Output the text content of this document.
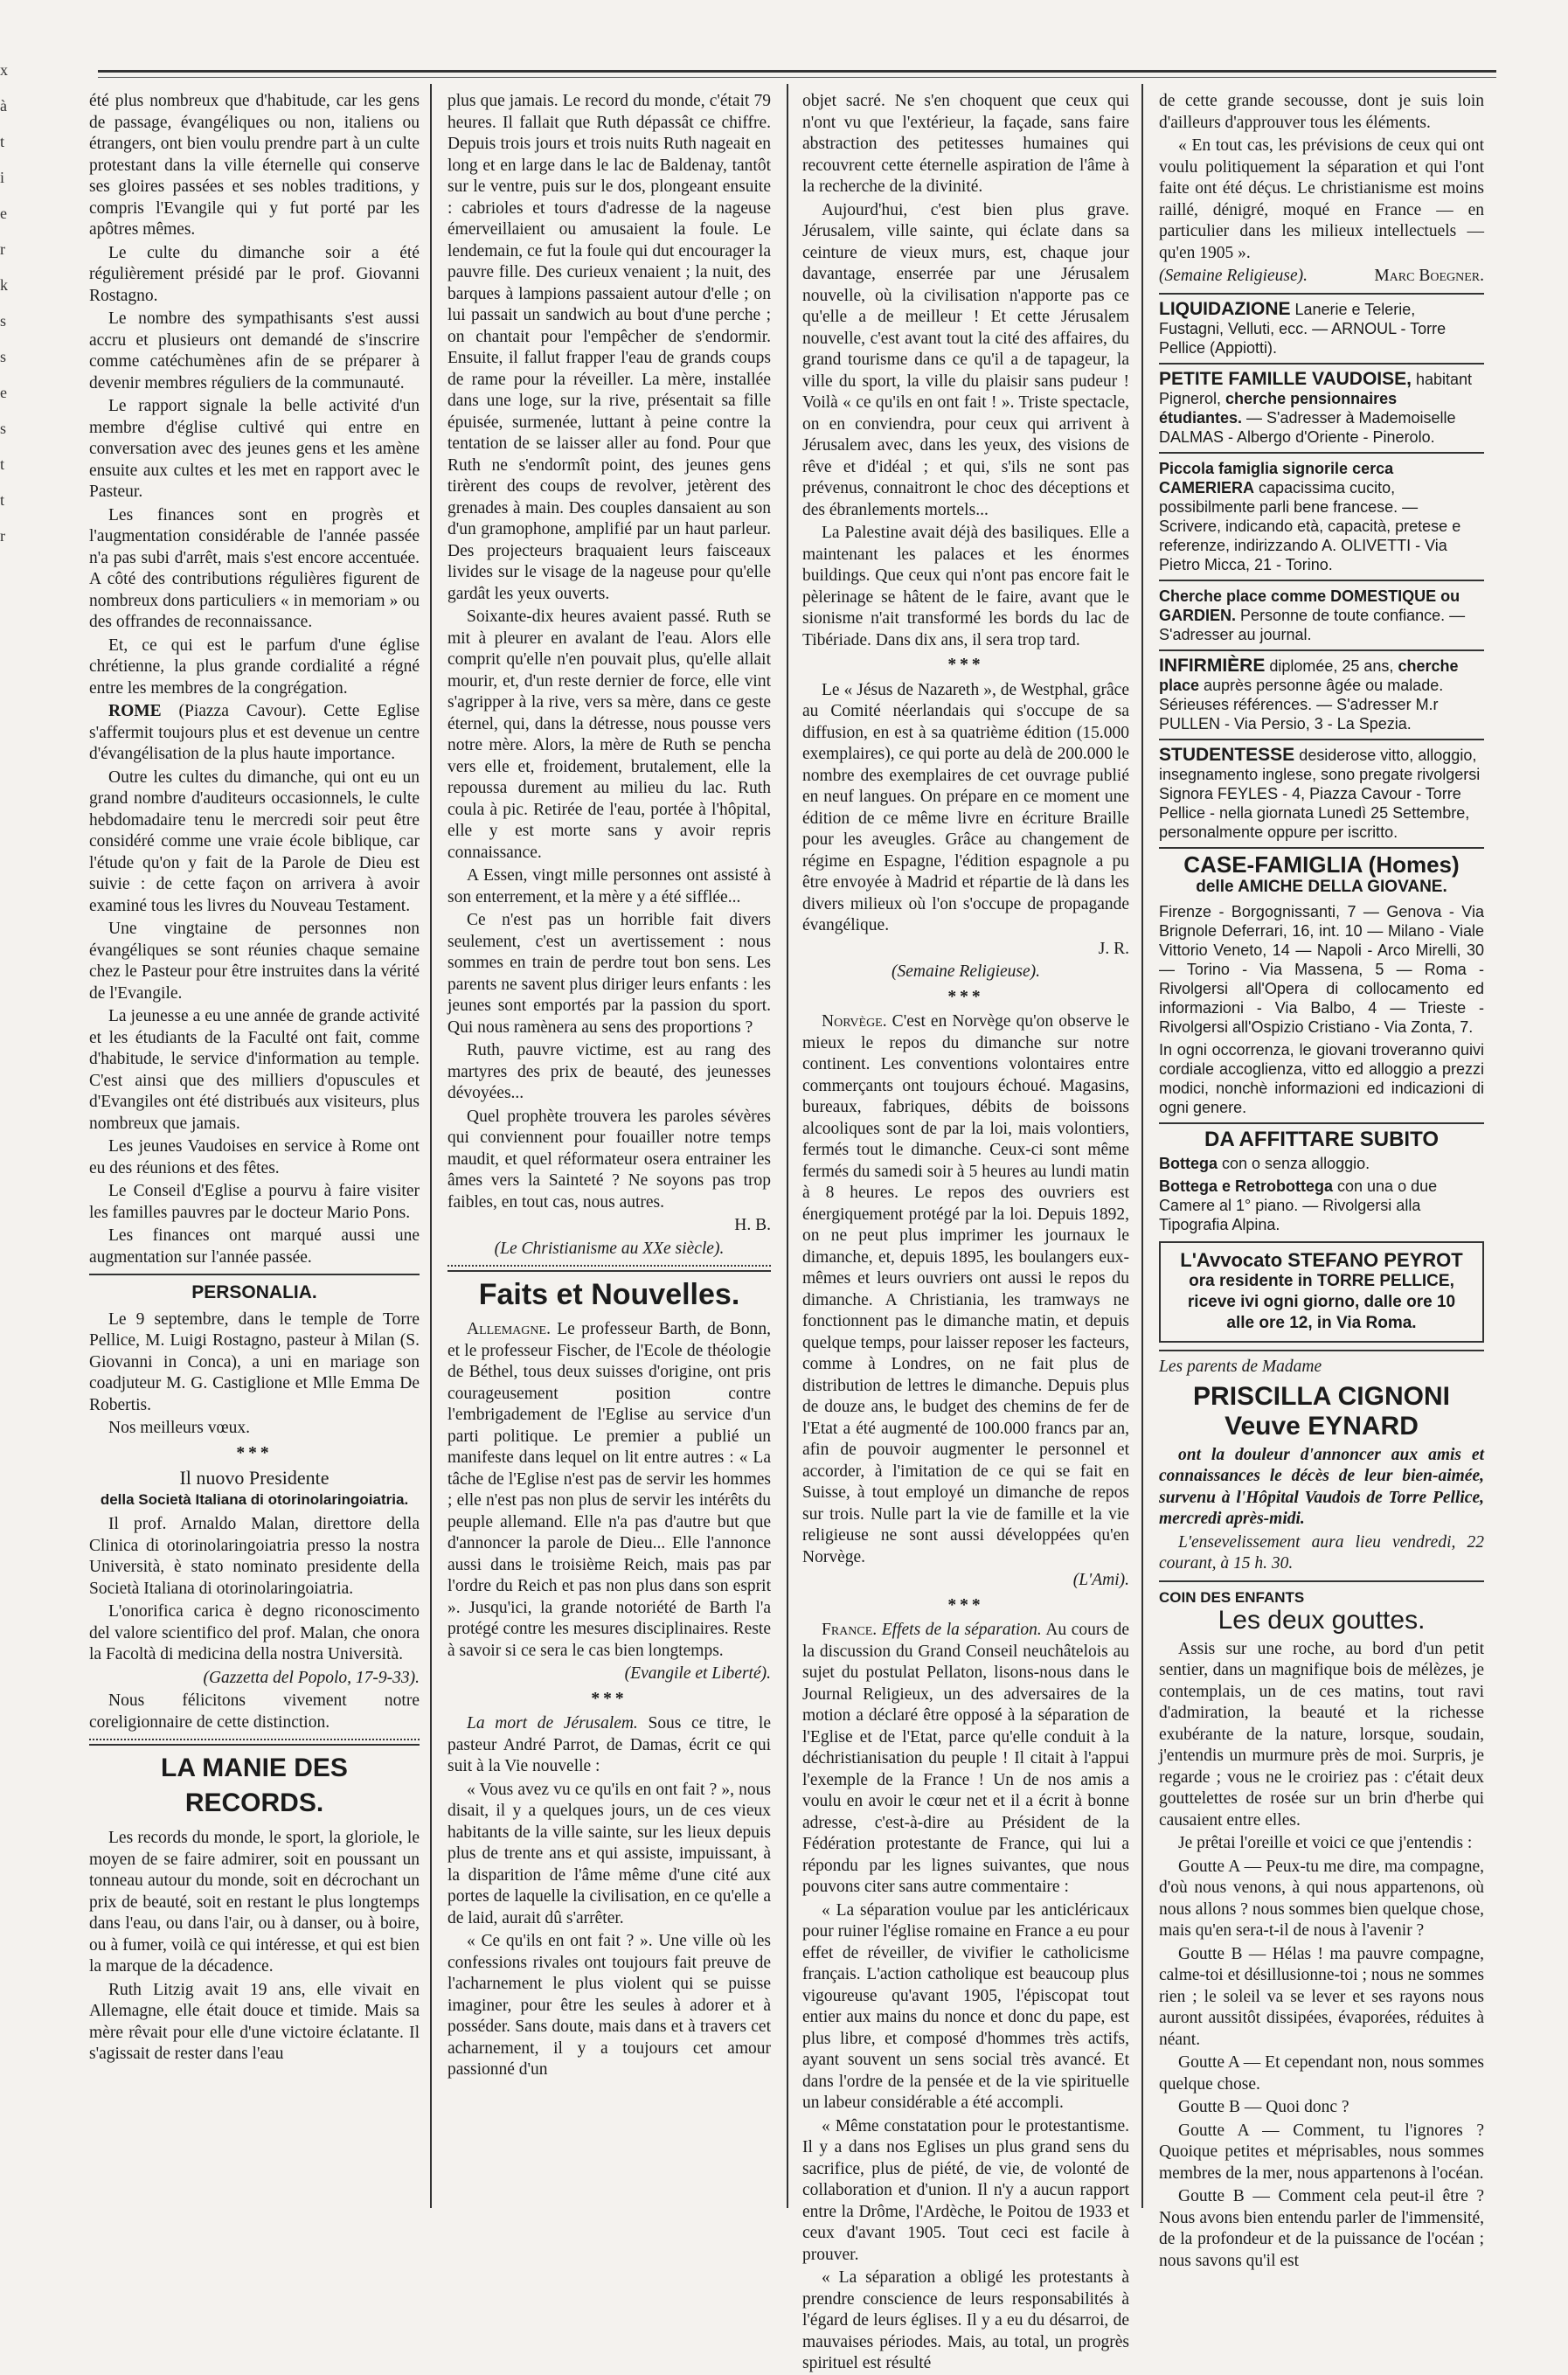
x
à
t
i
e
r
k
s
s
e
s
t
t
r

été plus nombreux que d'habitude, car les gens de passage, évangéliques ou non, italiens ou étrangers, ont bien voulu prendre part à un culte protestant dans la ville éternelle qui conserve ses gloires passées et ses nobles traditions, y compris l'Evangile qui y fut porté par les apôtres mêmes.

Le culte du dimanche soir a été régulièrement présidé par le prof. Giovanni Rostagno.

Le nombre des sympathisants s'est aussi accru et plusieurs ont demandé de s'inscrire comme catéchumènes afin de se préparer à devenir membres réguliers de la communauté.

Le rapport signale la belle activité d'un membre d'église cultivé qui entre en conversation avec des jeunes gens et les amène ensuite aux cultes et les met en rapport avec le Pasteur.

Les finances sont en progrès et l'augmentation considérable de l'année passée n'a pas subi d'arrêt, mais s'est encore accentuée. A côté des contributions régulières figurent de nombreux dons particuliers « in memoriam » ou des offrandes de reconnaissance.

Et, ce qui est le parfum d'une église chrétienne, la plus grande cordialité a régné entre les membres de la congrégation.

ROME (Piazza Cavour). Cette Eglise s'affermit toujours plus et est devenue un centre d'évangélisation de la plus haute importance.

Outre les cultes du dimanche, qui ont eu un grand nombre d'auditeurs occasionnels, le culte hebdomadaire tenu le mercredi soir peut être considéré comme une vraie école biblique, car l'étude qu'on y fait de la Parole de Dieu est suivie : de cette façon on arrivera à avoir examiné tous les livres du Nouveau Testament.

Une vingtaine de personnes non évangéliques se sont réunies chaque semaine chez le Pasteur pour être instruites dans la vérité de l'Evangile.

La jeunesse a eu une année de grande activité et les étudiants de la Faculté ont fait, comme d'habitude, le service d'information au temple. C'est ainsi que des milliers d'opuscules et d'Evangiles ont été distribués aux visiteurs, plus nombreux que jamais.

Les jeunes Vaudoises en service à Rome ont eu des réunions et des fêtes.

Le Conseil d'Eglise a pourvu à faire visiter les familles pauvres par le docteur Mario Pons.

Les finances ont marqué aussi une augmentation sur l'année passée.

PERSONALIA.

Le 9 septembre, dans le temple de Torre Pellice, M. Luigi Rostagno, pasteur à Milan (S. Giovanni in Conca), a uni en mariage son coadjuteur M. G. Castiglione et Mlle Emma De Robertis.

Nos meilleurs vœux.

***
Il nuovo Presidente
della Società Italiana di otorinolaringoiatria.

Il prof. Arnaldo Malan, direttore della Clinica di otorinolaringoiatria presso la nostra Università, è stato nominato presidente della Società Italiana di otorinolaringoiatria.

L'onorifica carica è degno riconoscimento del valore scientifico del prof. Malan, che onora la Facoltà di medicina della nostra Università.

(Gazzetta del Popolo, 17-9-33).

Nous félicitons vivement notre coreligionnaire de cette distinction.

LA MANIE DES RECORDS.

Les records du monde, le sport, la gloriole, le moyen de se faire admirer, soit en poussant un tonneau autour du monde, soit en décrochant un prix de beauté, soit en restant le plus longtemps dans l'eau, ou dans l'air, ou à danser, ou à boire, ou à fumer, voilà ce qui intéresse, et qui est bien la marque de la décadence.

Ruth Litzig avait 19 ans, elle vivait en Allemagne, elle était douce et timide. Mais sa mère rêvait pour elle d'une victoire éclatante. Il s'agissait de rester dans l'eau

plus que jamais. Le record du monde, c'était 79 heures. Il fallait que Ruth dépassât ce chiffre. Depuis trois jours et trois nuits Ruth nageait en long et en large dans le lac de Baldenay, tantôt sur le ventre, puis sur le dos, plongeant ensuite : cabrioles et tours d'adresse de la nageuse émerveillaient ou amusaient la foule. Le lendemain, ce fut la foule qui dut encourager la pauvre fille. Des curieux venaient ; la nuit, des barques à lampions passaient autour d'elle ; on lui passait un sandwich au bout d'une perche ; on chantait pour l'empêcher de s'endormir. Ensuite, il fallut frapper l'eau de grands coups de rame pour la réveiller. La mère, installée dans une loge, sur la rive, présentait sa fille épuisée, surmenée, luttant à peine contre la tentation de se laisser aller au fond. Pour que Ruth ne s'endormît point, des jeunes gens tirèrent des coups de revolver, jetèrent des grenades à main. Des couples dansaient au son d'un gramophone, amplifié par un haut parleur. Des projecteurs braquaient leurs faisceaux livides sur le visage de la nageuse pour qu'elle gardât les yeux ouverts.

Soixante-dix heures avaient passé. Ruth se mit à pleurer en avalant de l'eau. Alors elle comprit qu'elle n'en pouvait plus, qu'elle allait mourir, et, d'un reste dernier de force, elle vint s'agripper à la rive, vers sa mère, dans ce geste éternel, qui, dans la détresse, nous pousse vers notre mère. Alors, la mère de Ruth se pencha vers elle et, froidement, brutalement, elle la repoussa durement au milieu du lac. Ruth coula à pic. Retirée de l'eau, portée à l'hôpital, elle y est morte sans y avoir repris connaissance.

A Essen, vingt mille personnes ont assisté à son enterrement, et la mère y a été sifflée...

Ce n'est pas un horrible fait divers seulement, c'est un avertissement : nous sommes en train de perdre tout bon sens. Les parents ne savent plus diriger leurs enfants : les jeunes sont emportés par la passion du sport. Qui nous ramènera au sens des proportions ?

Ruth, pauvre victime, est au rang des martyres des prix de beauté, des jeunesses dévoyées...

Quel prophète trouvera les paroles sévères qui conviennent pour fouailler notre temps maudit, et quel réformateur osera entrainer les âmes vers la Sainteté ? Ne soyons pas trop faibles, en tout cas, nous autres.

H. B.

(Le Christianisme au XXe siècle).

Faits et Nouvelles.

Allemagne. Le professeur Barth, de Bonn, et le professeur Fischer, de l'Ecole de théologie de Béthel, tous deux suisses d'origine, ont pris courageusement position contre l'embrigadement de l'Eglise au service d'un parti politique. Le premier a publié un manifeste dans lequel on lit entre autres : « La tâche de l'Eglise n'est pas de servir les hommes ; elle n'est pas non plus de servir les intérêts du peuple allemand. Elle n'a pas d'autre but que d'annoncer la parole de Dieu... Elle l'annonce aussi dans le troisième Reich, mais pas par l'ordre du Reich et pas non plus dans son esprit ». Jusqu'ici, la grande notoriété de Barth l'a protégé contre les mesures disciplinaires. Reste à savoir si ce sera le cas bien longtemps.

(Evangile et Liberté).

***

La mort de Jérusalem. Sous ce titre, le pasteur André Parrot, de Damas, écrit ce qui suit à la Vie nouvelle :

« Vous avez vu ce qu'ils en ont fait ? », nous disait, il y a quelques jours, un de ces vieux habitants de la ville sainte, sur les lieux depuis plus de trente ans et qui assiste, impuissant, à la disparition de l'âme même d'une cité aux portes de laquelle la civilisation, en ce qu'elle a de laid, aurait dû s'arrêter.

« Ce qu'ils en ont fait ? ». Une ville où les confessions rivales ont toujours fait preuve de l'acharnement le plus violent qui se puisse imaginer, pour être les seules à adorer et à posséder. Sans doute, mais dans et à travers cet acharnement, il y a toujours cet amour passionné d'un

objet sacré. Ne s'en choquent que ceux qui n'ont vu que l'extérieur, la façade, sans faire abstraction des petitesses humaines qui recouvrent cette éternelle aspiration de l'âme à la recherche de la divinité.

Aujourd'hui, c'est bien plus grave. Jérusalem, ville sainte, qui éclate dans sa ceinture de vieux murs, est, chaque jour davantage, enserrée par une Jérusalem nouvelle, où la civilisation n'apporte pas ce qu'elle a de meilleur ! Et cette Jérusalem nouvelle, c'est avant tout la cité des affaires, du grand tourisme dans ce qu'il a de tapageur, la ville du sport, la ville du plaisir sans pudeur ! Voilà « ce qu'ils en ont fait ! ». Triste spectacle, on en conviendra, pour ceux qui arrivent à Jérusalem avec, dans les yeux, des visions de rêve et d'idéal ; et qui, s'ils ne sont pas prévenus, connaitront le choc des déceptions et des ébranlements mortels...

La Palestine avait déjà des basiliques. Elle a maintenant les palaces et les énormes buildings. Que ceux qui n'ont pas encore fait le pèlerinage se hâtent de le faire, avant que le sionisme n'ait transformé les bords du lac de Tibériade. Dans dix ans, il sera trop tard.

***

Le « Jésus de Nazareth », de Westphal, grâce au Comité néerlandais qui s'occupe de sa diffusion, en est à sa quatrième édition (15.000 exemplaires), ce qui porte au delà de 200.000 le nombre des exemplaires de cet ouvrage publié en neuf langues. On prépare en ce moment une édition de ce même livre en écriture Braille pour les aveugles. Grâce au changement de régime en Espagne, l'édition espagnole a pu être envoyée à Madrid et répartie de là dans les divers milieux où l'on s'occupe de propagande évangélique.

J. R.

(Semaine Religieuse).

***

Norvège. C'est en Norvège qu'on observe le mieux le repos du dimanche sur notre continent. Les conventions volontaires entre commerçants ont toujours échoué. Magasins, bureaux, fabriques, débits de boissons alcooliques sont de par la loi, mais volontiers, fermés tout le dimanche. Ceux-ci sont même fermés du samedi soir à 5 heures au lundi matin à 8 heures. Le repos des ouvriers est énergiquement protégé par la loi. Depuis 1892, on ne peut plus imprimer les journaux le dimanche, et, depuis 1895, les boulangers eux-mêmes et leurs ouvriers ont aussi le repos du dimanche. A Christiania, les tramways ne fonctionnent pas le dimanche matin, et depuis quelque temps, pour laisser reposer les facteurs, comme à Londres, on ne fait plus de distribution de lettres le dimanche. Depuis plus de douze ans, le budget des chemins de fer de l'Etat a été augmenté de 100.000 francs par an, afin de pouvoir augmenter le personnel et accorder, à l'imitation de ce qui se fait en Suisse, à tout employé un dimanche de repos sur trois. Nulle part la vie de famille et la vie religieuse ne sont aussi développées qu'en Norvège.

(L'Ami).

***

France. Effets de la séparation. Au cours de la discussion du Grand Conseil neuchâtelois au sujet du postulat Pellaton, lisons-nous dans le Journal Religieux, un des adversaires de la motion a déclaré être opposé à la séparation de l'Eglise et de l'Etat, parce qu'elle conduit à la déchristianisation du peuple ! Il citait à l'appui l'exemple de la France ! Un de nos amis a voulu en avoir le cœur net et il a écrit à bonne adresse, c'est-à-dire au Président de la Fédération protestante de France, qui lui a répondu par les lignes suivantes, que nous pouvons citer sans autre commentaire :

« La séparation voulue par les anticléricaux pour ruiner l'église romaine en France a eu pour effet de réveiller, de vivifier le catholicisme français. L'action catholique est beaucoup plus vigoureuse qu'avant 1905, l'épiscopat tout entier aux mains du nonce et donc du pape, est plus libre, et composé d'hommes très actifs, ayant souvent un sens social très avancé. Et dans l'ordre de la pensée et de la vie spirituelle un labeur considérable a été accompli.

« Même constatation pour le protestantisme. Il y a dans nos Eglises un plus grand sens du sacrifice, plus de piété, de vie, de volonté de collaboration et d'union. Il n'y a aucun rapport entre la Drôme, l'Ardèche, le Poitou de 1933 et ceux d'avant 1905. Tout ceci est facile à prouver.

« La séparation a obligé les protestants à prendre conscience de leurs responsabilités à l'égard de leurs églises. Il y a eu du désarroi, de mauvaises périodes. Mais, au total, un progrès spirituel est résulté

de cette grande secousse, dont je suis loin d'ailleurs d'approuver tous les éléments.

« En tout cas, les prévisions de ceux qui ont voulu politiquement la séparation et qui l'ont faite ont été déçus. Le christianisme est moins raillé, dénigré, moqué en France — en particulier dans les milieux intellectuels — qu'en 1905 ».

(Semaine Religieuse).	Marc Boegner.

LIQUIDAZIONE Lanerie e Telerie, Fustagni, Velluti, ecc. — ARNOUL - Torre Pellice (Appiotti).
PETITE FAMILLE VAUDOISE, habitant Pignerol, cherche pensionnaires étudiantes. — S'adresser à Mademoiselle DALMAS - Albergo d'Oriente - Pinerolo.
Piccola famiglia signorile cerca CAMERIERA capacissima cucito, possibilmente parli bene francese. — Scrivere, indicando età, capacità, pretese e referenze, indirizzando A. OLIVETTI - Via Pietro Micca, 21 - Torino.
Cherche place comme DOMESTIQUE ou GARDIEN. Personne de toute confiance. — S'adresser au journal.
INFIRMIÈRE diplomée, 25 ans, cherche place auprès personne âgée ou malade. Sérieuses références. — S'adresser M.r PULLEN - Via Persio, 3 - La Spezia.
STUDENTESSE desiderose vitto, alloggio, insegnamento inglese, sono pregate rivolgersi Signora FEYLES - 4, Piazza Cavour - Torre Pellice - nella giornata Lunedì 25 Settembre, personalmente oppure per iscritto.
CASE-FAMIGLIA (Homes)
delle AMICHE DELLA GIOVANE.
Firenze - Borgognissanti, 7 — Genova - Via Brignole Deferrari, 16, int. 10 — Milano - Viale Vittorio Veneto, 14 — Napoli - Arco Mirelli, 30 — Torino - Via Massena, 5 — Roma - Rivolgersi all'Opera di collocamento ed informazioni - Via Balbo, 4 — Trieste - Rivolgersi all'Ospizio Cristiano - Via Zonta, 7.
In ogni occorrenza, le giovani troveranno quivi cordiale accoglienza, vitto ed alloggio a prezzi modici, nonchè informazioni ed indicazioni di ogni genere.
DA AFFITTARE SUBITO
Bottega con o senza alloggio.
Bottega e Retrobottega con una o due Camere al 1° piano. — Rivolgersi alla Tipografia Alpina.
L'Avvocato STEFANO PEYROT
ora residente in TORRE PELLICE,
riceve ivi ogni giorno, dalle ore 10
alle ore 12, in Via Roma.

Les parents de Madame

PRISCILLA CIGNONI Veuve EYNARD

ont la douleur d'annoncer aux amis et connaissances le décès de leur bien-aimée, survenu à l'Hôpital Vaudois de Torre Pellice, mercredi après-midi.

L'ensevelissement aura lieu vendredi, 22 courant, à 15 h. 30.

COIN DES ENFANTS
Les deux gouttes.

Assis sur une roche, au bord d'un petit sentier, dans un magnifique bois de mélèzes, je contemplais, un de ces matins, tout ravi d'admiration, la beauté et la richesse exubérante de la nature, lorsque, soudain, j'entendis un murmure près de moi. Surpris, je regarde ; vous ne le croiriez pas : c'était deux gouttelettes de rosée sur un brin d'herbe qui causaient entre elles.

Je prêtai l'oreille et voici ce que j'entendis :

Goutte A — Peux-tu me dire, ma compagne, d'où nous venons, à qui nous appartenons, où nous allons ? nous sommes bien quelque chose, mais qu'en sera-t-il de nous à l'avenir ?

Goutte B — Hélas ! ma pauvre compagne, calme-toi et désillusionne-toi ; nous ne sommes rien ; le soleil va se lever et ses rayons nous auront aussitôt dissipées, évaporées, réduites à néant.

Goutte A — Et cependant non, nous sommes quelque chose.

Goutte B — Quoi donc ?

Goutte A — Comment, tu l'ignores ? Quoique petites et méprisables, nous sommes membres de la mer, nous appartenons à l'océan.

Goutte B — Comment cela peut-il être ? Nous avons bien entendu parler de l'immensité, de la profondeur et de la puissance de l'océan ; nous savons qu'il est
